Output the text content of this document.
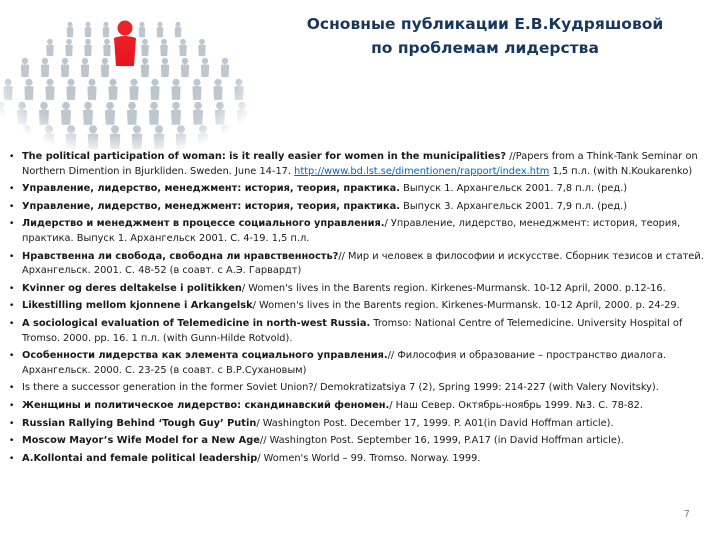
Основные публикации Е.В.Кудряшовой
по проблемам лидерства
• The political participation of woman: is it really easier for women in the municipalities? //Papers from a Think-Tank Seminar on Northern Dimention in Bjurkliden. Sweden. June 14-17. http://www.bd.lst.se/dimentionen/rapport/index.htm 1,5 п.л. (with N.Koukarenko)
• Управление, лидерство, менеджмент: история, теория, практика. Выпуск 1. Архангельск 2001. 7,8 п.л. (ред.)
• Управление, лидерство, менеджмент: история, теория, практика. Выпуск 3. Архангельск 2001. 7,9 п.л. (ред.)
• Лидерство и менеджмент в процессе социального управления./ Управление, лидерство, менеджмент: история, теория, практика. Выпуск 1. Архангельск 2001. С. 4-19. 1,5 п.л.
• Нравственна ли свобода, свободна ли нравственность?// Мир и человек в философии и искусстве. Сборник тезисов и статей. Архангельск. 2001. С. 48-52 (в соавт. с А.Э. Гарвардт)
• Kvinner og deres deltakelse i politikken/ Women's lives in the Barents region. Kirkenes-Murmansk. 10-12 April, 2000. p.12-16.
• Likestilling mellom kjonnene i Arkangelsk/ Women's lives in the Barents region. Kirkenes-Murmansk. 10-12 April, 2000. p. 24-29.
• A sociological evaluation of Telemedicine in north-west Russia. Tromso: National Centre of Telemedicine. University Hospital of Tromso. 2000. pp. 16. 1 п.л. (with Gunn-Hilde Rotvold).
• Особенности лидерства как элемента социального управления.// Философия и образование – пространство диалога. Архангельск. 2000. С. 23-25 (в соавт. с В.Р.Сухановым)
• Is there a successor generation in the former Soviet Union?/ Demokratizatsiya 7 (2), Spring 1999: 214-227 (with Valery Novitsky).
• Женщины и политическое лидерство: скандинавский феномен./ Наш Север. Октябрь-ноябрь 1999. №3. С. 78-82.
• Russian Rallying Behind ‘Tough Guy’ Putin/ Washington Post. December 17, 1999. P. A01(in David Hoffman article).
• Moscow Mayor’s Wife Model for a New Age// Washington Post. September 16, 1999, P.A17 (in David Hoffman article).
• A.Kollontai and female political leadership/ Women's World – 99. Tromso. Norway. 1999.
7
